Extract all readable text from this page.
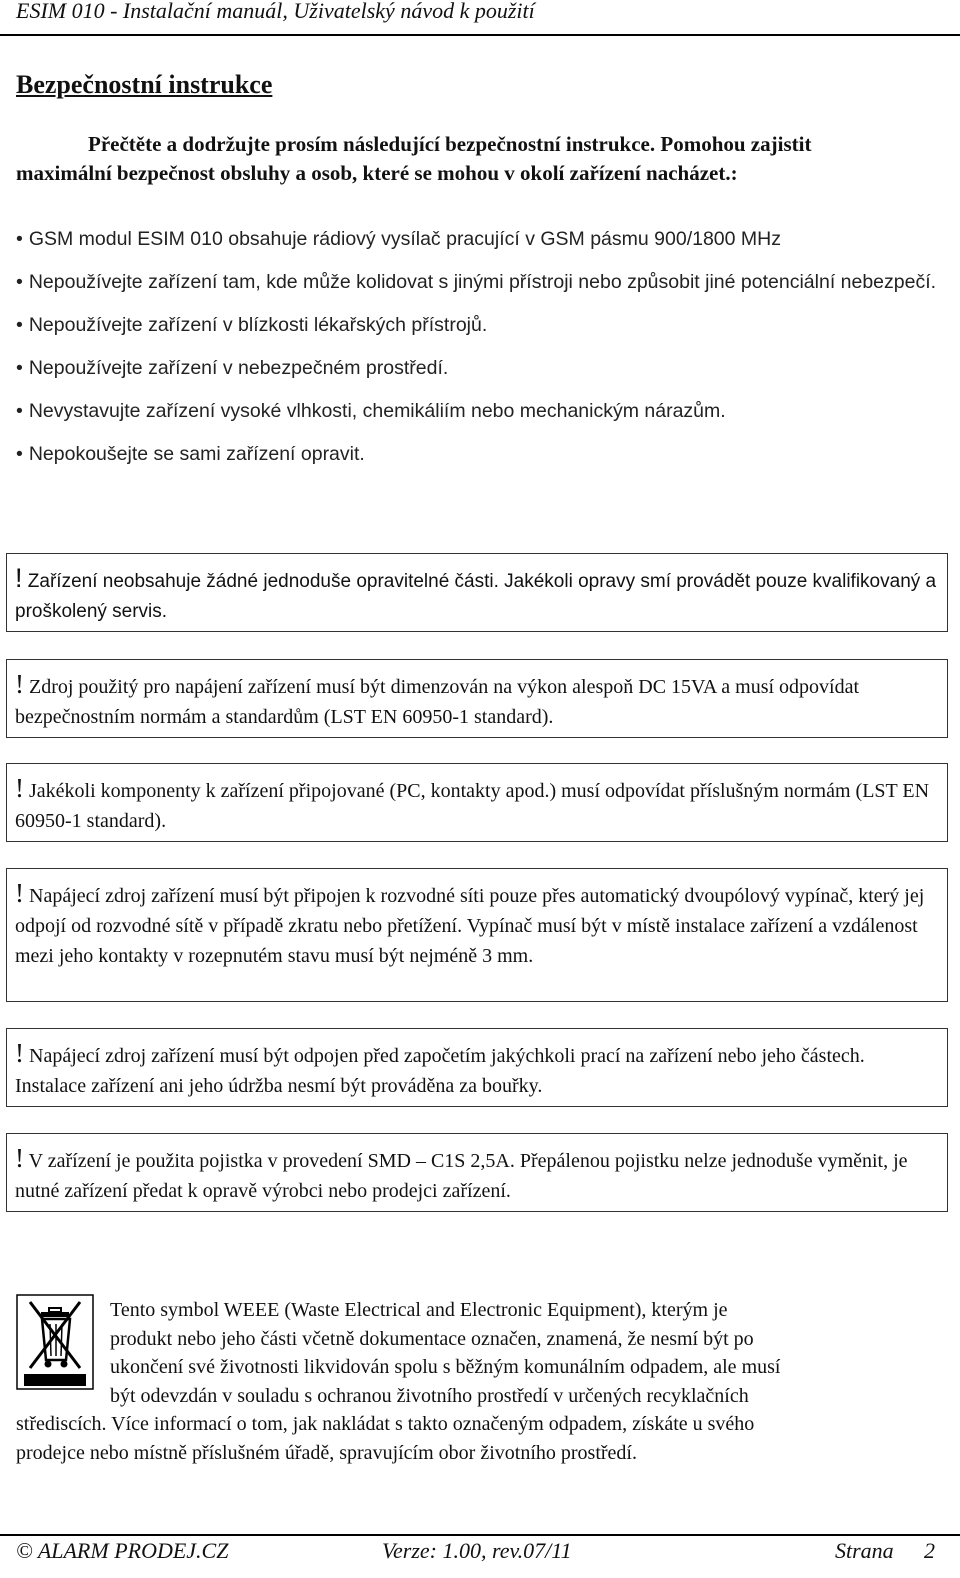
ESIM 010 - Instalační manuál, Uživatelský návod k použití
Bezpečnostní instrukce
Přečtěte a dodržujte prosím následující bezpečnostní instrukce. Pomohou zajistit
maximální bezpečnost obsluhy a osob, které se mohou v okolí zařízení nacházet.:
• GSM modul ESIM 010 obsahuje rádiový vysílač pracující v GSM pásmu 900/1800 MHz
• Nepoužívejte zařízení tam, kde může kolidovat s jinými přístroji nebo způsobit jiné potenciální nebezpečí.
• Nepoužívejte zařízení v blízkosti lékařských přístrojů.
• Nepoužívejte zařízení v nebezpečném prostředí.
• Nevystavujte zařízení vysoké vlhkosti, chemikáliím nebo mechanickým nárazům.
• Nepokoušejte se sami zařízení opravit.
! Zařízení neobsahuje žádné jednoduše opravitelné části. Jakékoli opravy smí provádět pouze kvalifikovaný a proškolený servis.
! Zdroj použitý pro napájení zařízení musí být dimenzován na výkon alespoň DC 15VA a musí odpovídat bezpečnostním normám a standardům (LST EN 60950-1 standard).
! Jakékoli komponenty k zařízení připojované (PC, kontakty apod.) musí odpovídat příslušným normám (LST EN 60950-1 standard).
! Napájecí zdroj zařízení musí být připojen k rozvodné síti pouze přes automatický dvoupólový vypínač, který jej odpojí od rozvodné sítě v případě zkratu nebo přetížení. Vypínač musí být v místě instalace zařízení a vzdálenost mezi jeho kontakty v rozepnutém stavu musí být nejméně 3 mm.
! Napájecí zdroj zařízení musí být odpojen před započetím jakýchkoli prací na zařízení nebo jeho částech. Instalace zařízení ani jeho údržba nesmí být prováděna za bouřky.
! V zařízení je použita pojistka v provedení SMD – C1S 2,5A. Přepálenou pojistku nelze jednoduše vyměnit, je nutné zařízení předat k opravě výrobci nebo prodejci zařízení.
Tento symbol WEEE (Waste Electrical and Electronic Equipment), kterým je
produkt nebo jeho části včetně dokumentace označen, znamená, že nesmí být po
ukončení své životnosti likvidován spolu s běžným komunálním odpadem, ale musí
být odevzdán v souladu s ochranou životního prostředí v určených recyklačních
střediscích. Více informací o tom, jak nakládat s takto označeným odpadem, získáte u svého
prodejce nebo místně příslušném úřadě, spravujícím obor životního prostředí.
© ALARM PRODEJ.CZ	Verze: 1.00, rev.07/11	Strana 2
